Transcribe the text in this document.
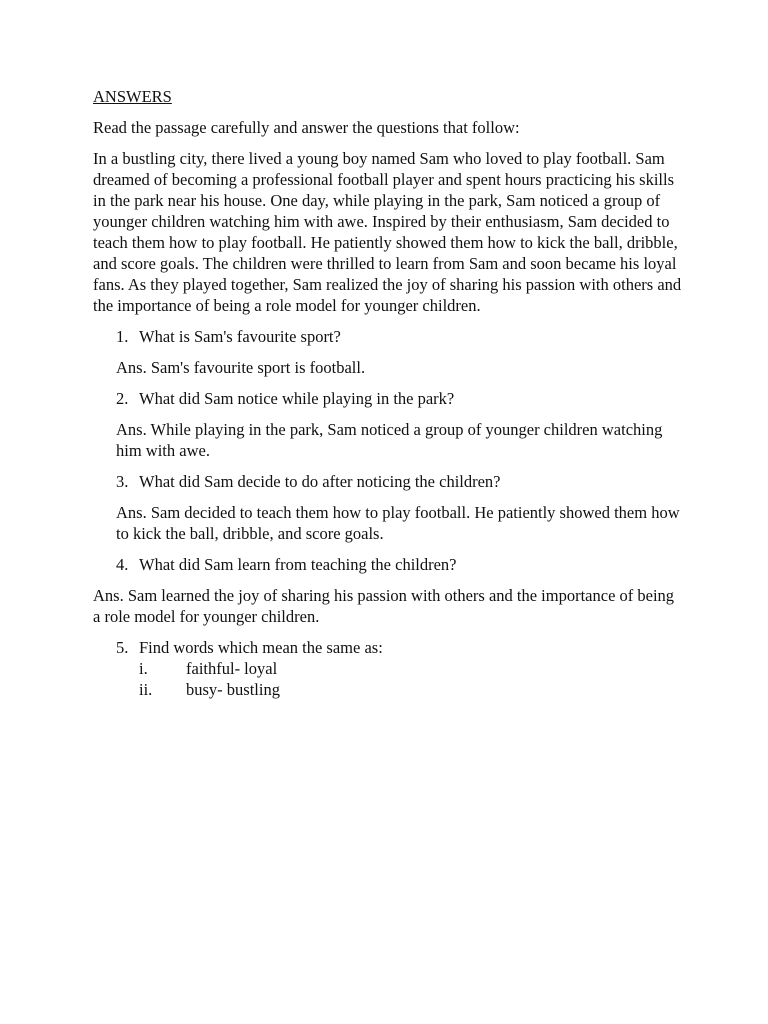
ANSWERS

Read the passage carefully and answer the questions that follow:

In a bustling city, there lived a young boy named Sam who loved to play football. Sam dreamed of becoming a professional football player and spent hours practicing his skills in the park near his house. One day, while playing in the park, Sam noticed a group of younger children watching him with awe. Inspired by their enthusiasm, Sam decided to teach them how to play football. He patiently showed them how to kick the ball, dribble, and score goals. The children were thrilled to learn from Sam and soon became his loyal fans. As they played together, Sam realized the joy of sharing his passion with others and the importance of being a role model for younger children.

1. What is Sam's favourite sport?
Ans. Sam's favourite sport is football.
2. What did Sam notice while playing in the park?
Ans. While playing in the park, Sam noticed a group of younger children watching him with awe.
3. What did Sam decide to do after noticing the children?
Ans. Sam decided to teach them how to play football. He patiently showed them how to kick the ball, dribble, and score goals.
4. What did Sam learn from teaching the children?
Ans. Sam learned the joy of sharing his passion with others and the importance of being a role model for younger children.
5. Find words which mean the same as:
i. faithful- loyal
ii. busy- bustling
